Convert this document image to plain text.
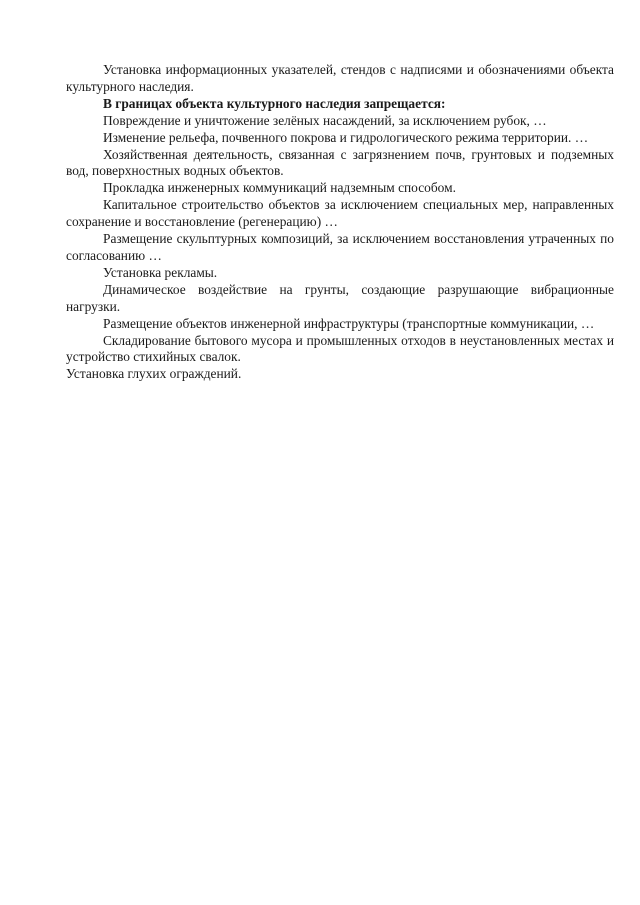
Установка информационных указателей, стендов с надписями и обозначениями объекта культурного наследия.

В границах объекта культурного наследия запрещается:

Повреждение и уничтожение зелёных насаждений, за исключением рубок, …

Изменение рельефа, почвенного покрова и гидрологического режима территории. …

Хозяйственная деятельность, связанная с загрязнением почв, грунтовых и подземных вод, поверхностных водных объектов.

Прокладка инженерных коммуникаций надземным способом.

Капитальное строительство объектов за исключением специальных мер, направленных сохранение и восстановление (регенерацию) …

Размещение скульптурных композиций, за исключением восстановления утраченных по согласованию …

Установка рекламы.

Динамическое воздействие на грунты, создающие разрушающие вибрационные нагрузки.

Размещение объектов инженерной инфраструктуры (транспортные коммуникации, …

Складирование бытового мусора и промышленных отходов в неустановленных местах и устройство стихийных свалок.

Установка глухих ограждений.
